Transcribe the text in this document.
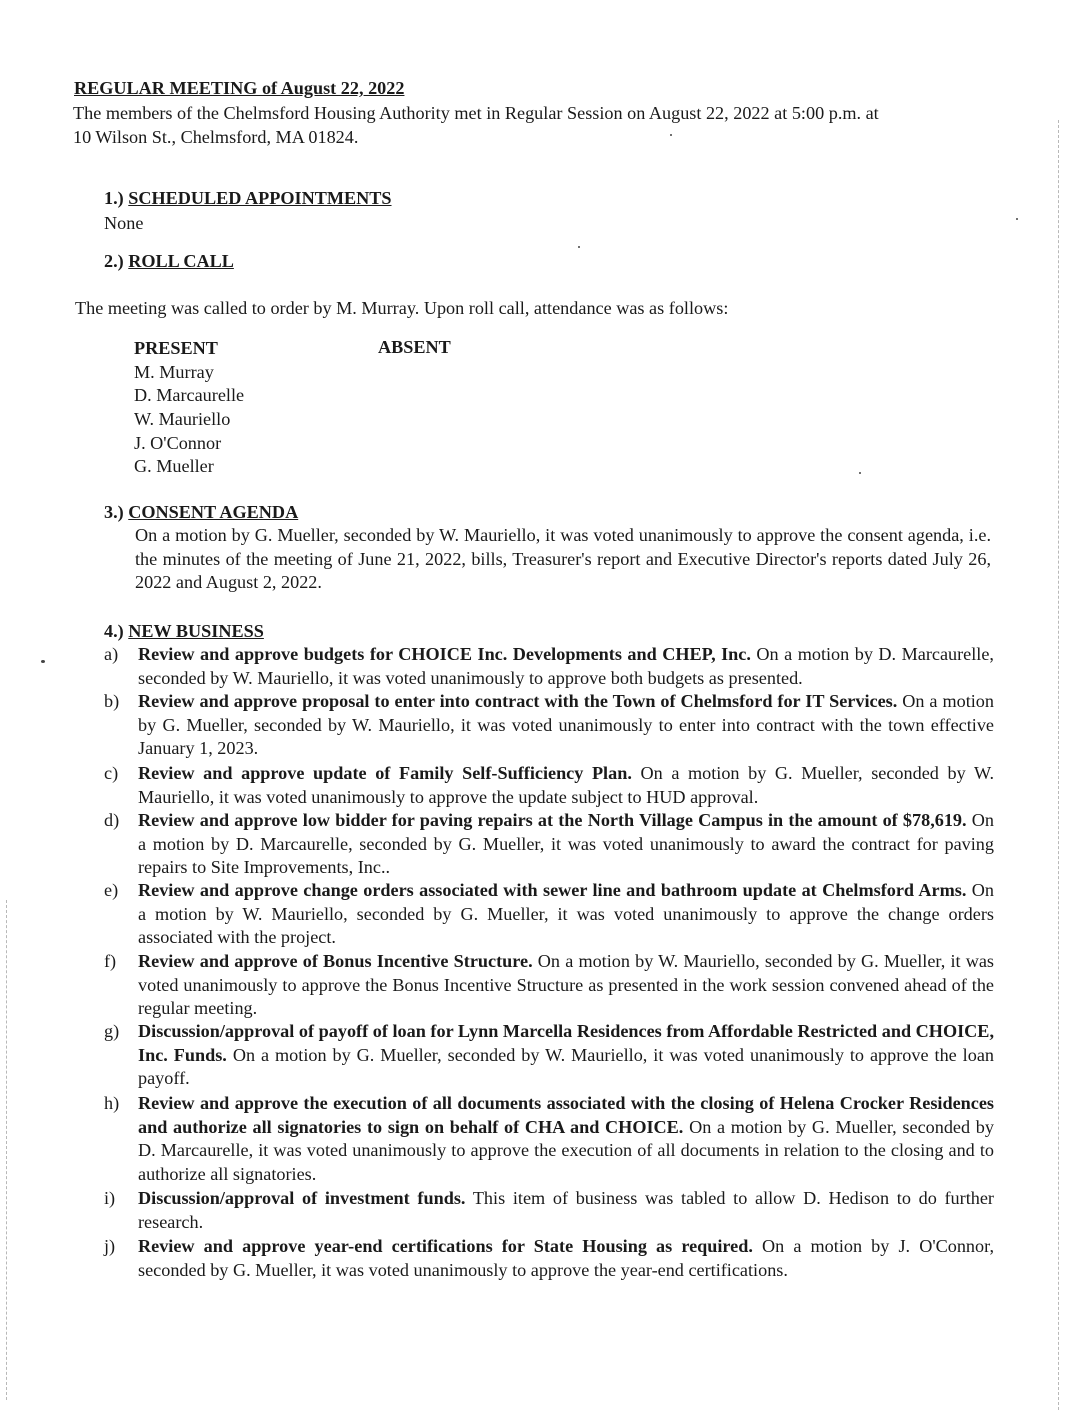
REGULAR MEETING of August 22, 2022
The members of the Chelmsford Housing Authority met in Regular Session on August 22, 2022 at 5:00 p.m. at
10 Wilson St., Chelmsford, MA 01824.
1.) SCHEDULED APPOINTMENTS
None
2.) ROLL CALL
The meeting was called to order by M. Murray. Upon roll call, attendance was as follows:
PRESENT	ABSENT
M. Murray
D. Marcaurelle
W. Mauriello
J. O'Connor
G. Mueller
3.) CONSENT AGENDA
On a motion by G. Mueller, seconded by W. Mauriello, it was voted unanimously to approve the consent agenda, i.e. the minutes of the meeting of June 21, 2022, bills, Treasurer's report and Executive Director's reports dated July 26, 2022 and August 2, 2022.
4.) NEW BUSINESS
a)	Review and approve budgets for CHOICE Inc. Developments and CHEP, Inc. On a motion by D. Marcaurelle, seconded by W. Mauriello, it was voted unanimously to approve both budgets as presented.
b)	Review and approve proposal to enter into contract with the Town of Chelmsford for IT Services. On a motion by G. Mueller, seconded by W. Mauriello, it was voted unanimously to enter into contract with the town effective January 1, 2023.
c)	Review and approve update of Family Self-Sufficiency Plan. On a motion by G. Mueller, seconded by W. Mauriello, it was voted unanimously to approve the update subject to HUD approval.
d)	Review and approve low bidder for paving repairs at the North Village Campus in the amount of $78,619. On a motion by D. Marcaurelle, seconded by G. Mueller, it was voted unanimously to award the contract for paving repairs to Site Improvements, Inc..
e)	Review and approve change orders associated with sewer line and bathroom update at Chelmsford Arms. On a motion by W. Mauriello, seconded by G. Mueller, it was voted unanimously to approve the change orders associated with the project.
f)	Review and approve of Bonus Incentive Structure. On a motion by W. Mauriello, seconded by G. Mueller, it was voted unanimously to approve the Bonus Incentive Structure as presented in the work session convened ahead of the regular meeting.
g)	Discussion/approval of payoff of loan for Lynn Marcella Residences from Affordable Restricted and CHOICE, Inc. Funds. On a motion by G. Mueller, seconded by W. Mauriello, it was voted unanimously to approve the loan payoff.
h)	Review and approve the execution of all documents associated with the closing of Helena Crocker Residences and authorize all signatories to sign on behalf of CHA and CHOICE. On a motion by G. Mueller, seconded by D. Marcaurelle, it was voted unanimously to approve the execution of all documents in relation to the closing and to authorize all signatories.
i)	Discussion/approval of investment funds. This item of business was tabled to allow D. Hedison to do further research.
j)	Review and approve year-end certifications for State Housing as required. On a motion by J. O'Connor, seconded by G. Mueller, it was voted unanimously to approve the year-end certifications.
